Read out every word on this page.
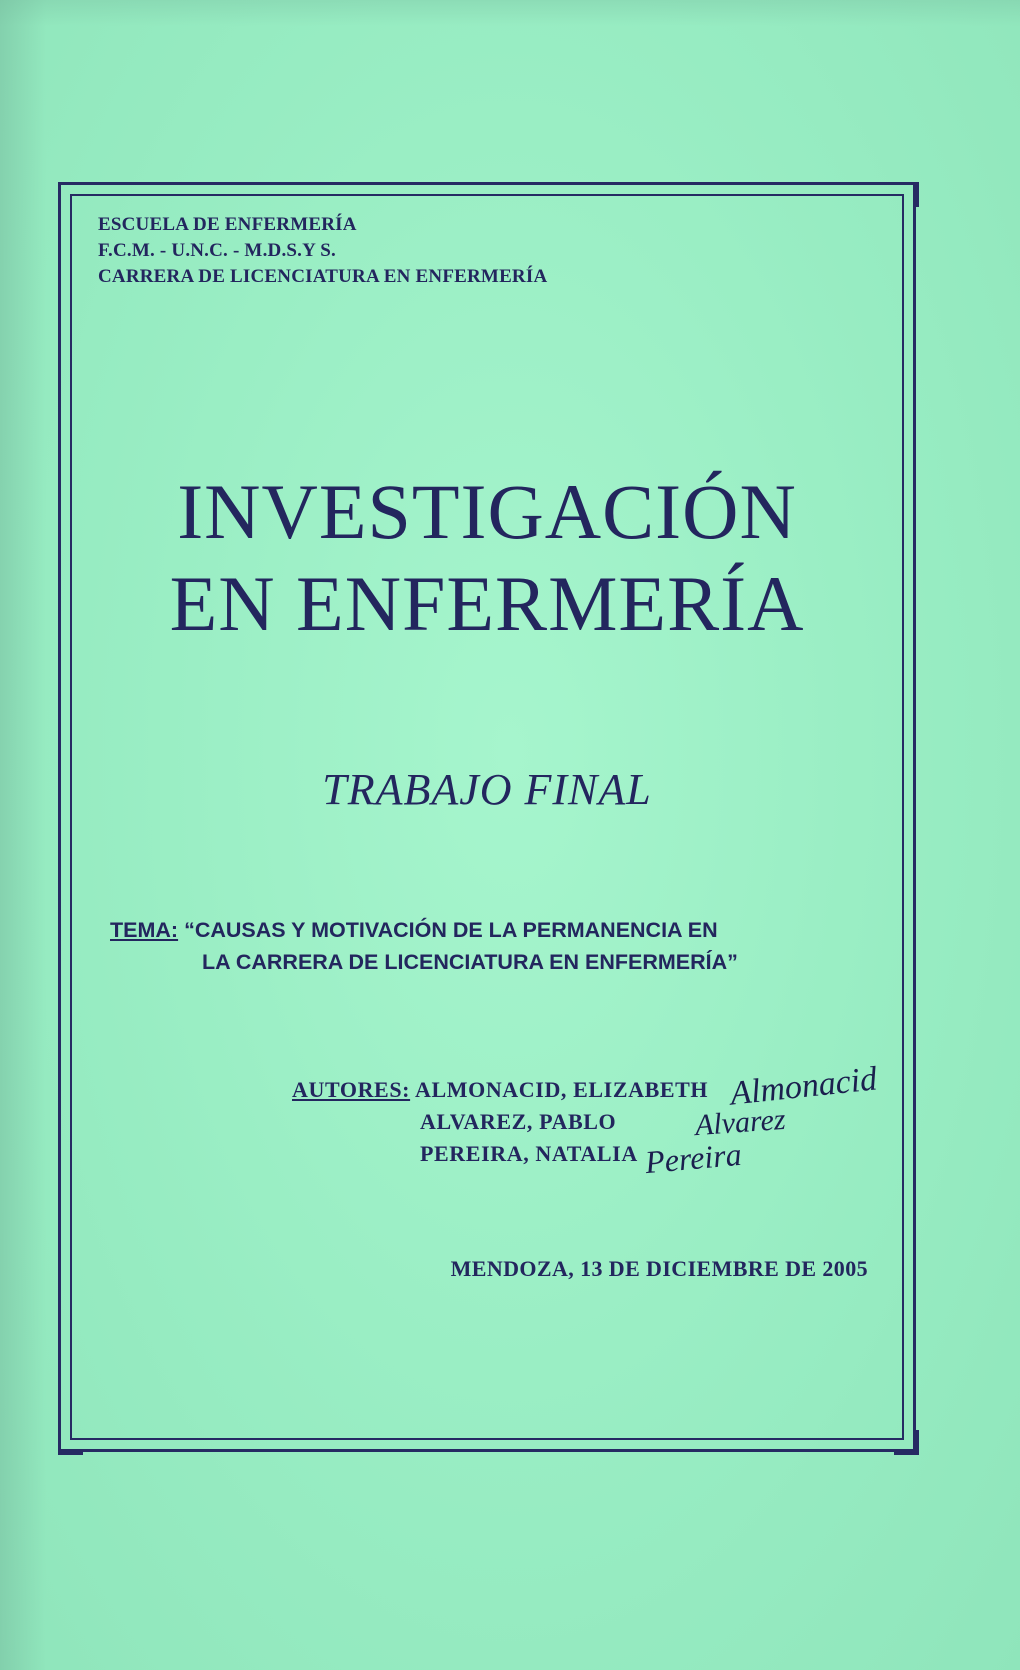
ESCUELA DE ENFERMERÍA
F.C.M. - U.N.C. - M.D.S.Y S.
CARRERA DE LICENCIATURA EN ENFERMERÍA
INVESTIGACIÓN
EN ENFERMERÍA
TRABAJO FINAL
TEMA: “CAUSAS Y MOTIVACIÓN DE LA PERMANENCIA EN
LA CARRERA DE LICENCIATURA EN ENFERMERÍA”
AUTORES: ALMONACID, ELIZABETH
ALVAREZ, PABLO
PEREIRA, NATALIA
Almonacid
Alvarez
Pereira
MENDOZA, 13 DE DICIEMBRE DE 2005
